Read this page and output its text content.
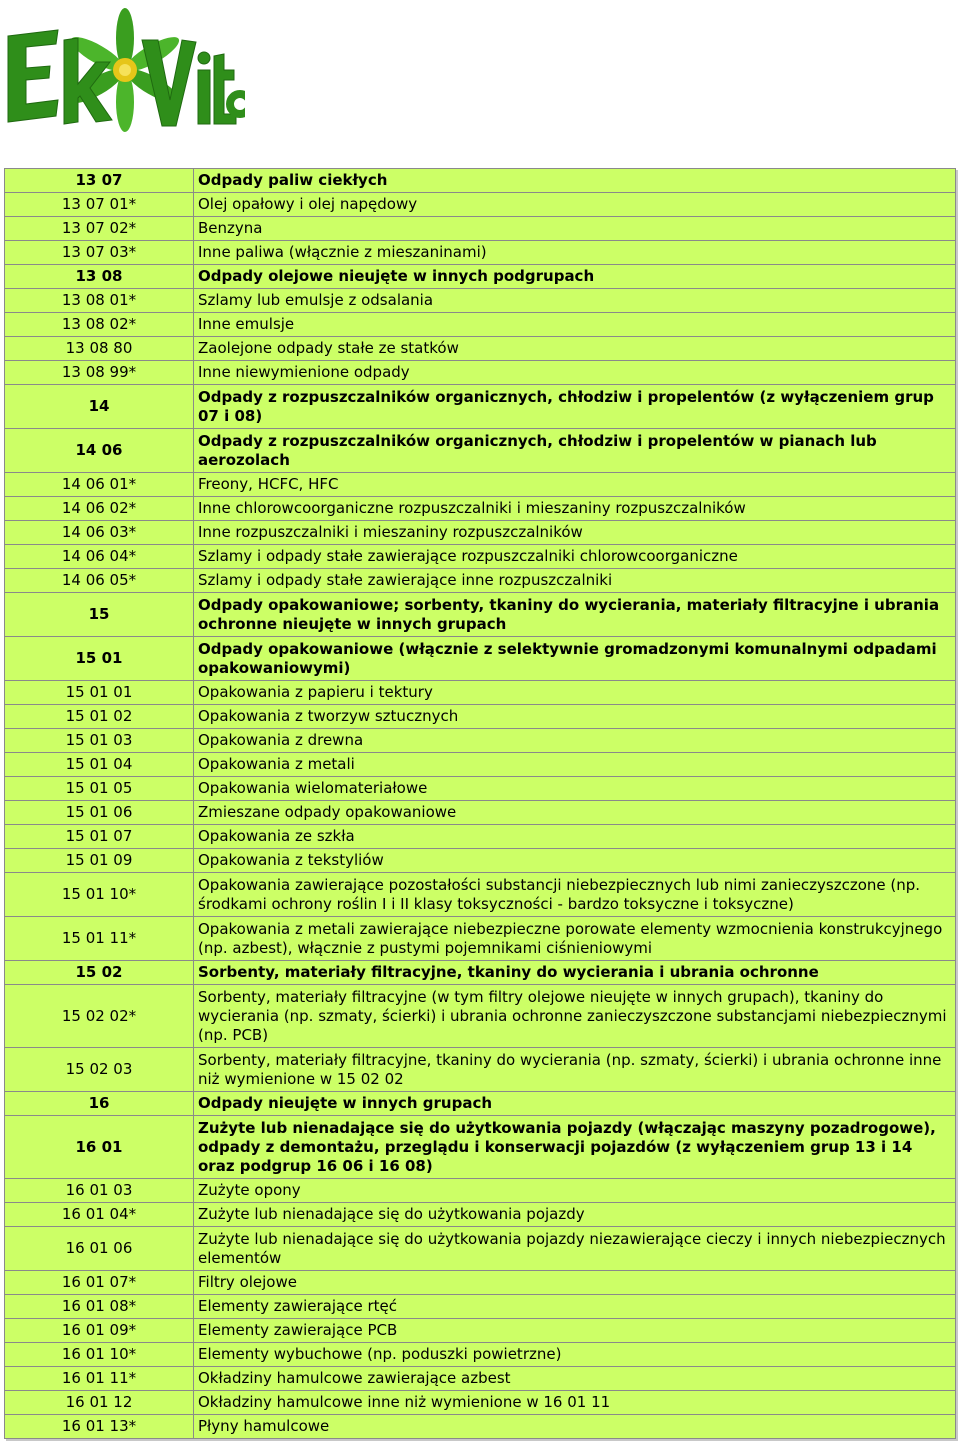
13 07	Odpady paliw ciekłych
13 07 01*	Olej opałowy i olej napędowy
13 07 02*	Benzyna
13 07 03*	Inne paliwa (włącznie z mieszaninami)
13 08	Odpady olejowe nieujęte w innych podgrupach
13 08 01*	Szlamy lub emulsje z odsalania
13 08 02*	Inne emulsje
13 08 80	Zaolejone odpady stałe ze statków
13 08 99*	Inne niewymienione odpady
14	Odpady z rozpuszczalników organicznych, chłodziw i propelentów (z wyłączeniem grup 07 i 08)
14 06	Odpady z rozpuszczalników organicznych, chłodziw i propelentów w pianach lub aerozolach
14 06 01*	Freony, HCFC, HFC
14 06 02*	Inne chlorowcoorganiczne rozpuszczalniki i mieszaniny rozpuszczalników
14 06 03*	Inne rozpuszczalniki i mieszaniny rozpuszczalników
14 06 04*	Szlamy i odpady stałe zawierające rozpuszczalniki chlorowcoorganiczne
14 06 05*	Szlamy i odpady stałe zawierające inne rozpuszczalniki
15	Odpady opakowaniowe; sorbenty, tkaniny do wycierania, materiały filtracyjne i ubrania ochronne nieujęte w innych grupach
15 01	Odpady opakowaniowe (włącznie z selektywnie gromadzonymi komunalnymi odpadami opakowaniowymi)
15 01 01	Opakowania z papieru i tektury
15 01 02	Opakowania z tworzyw sztucznych
15 01 03	Opakowania z drewna
15 01 04	Opakowania z metali
15 01 05	Opakowania wielomateriałowe
15 01 06	Zmieszane odpady opakowaniowe
15 01 07	Opakowania ze szkła
15 01 09	Opakowania z tekstyliów
15 01 10*	Opakowania zawierające pozostałości substancji niebezpiecznych lub nimi zanieczyszczone (np. środkami ochrony roślin I i II klasy toksyczności - bardzo toksyczne i toksyczne)
15 01 11*	Opakowania z metali zawierające niebezpieczne porowate elementy wzmocnienia konstrukcyjnego (np. azbest), włącznie z pustymi pojemnikami ciśnieniowymi
15 02	Sorbenty, materiały filtracyjne, tkaniny do wycierania i ubrania ochronne
15 02 02*	Sorbenty, materiały filtracyjne (w tym filtry olejowe nieujęte w innych grupach), tkaniny do wycierania (np. szmaty, ścierki) i ubrania ochronne zanieczyszczone substancjami niebezpiecznymi (np. PCB)
15 02 03	Sorbenty, materiały filtracyjne, tkaniny do wycierania (np. szmaty, ścierki) i ubrania ochronne inne niż wymienione w 15 02 02
16	Odpady nieujęte w innych grupach
16 01	Zużyte lub nienadające się do użytkowania pojazdy (włączając maszyny pozadrogowe), odpady z demontażu, przeglądu i konserwacji pojazdów (z wyłączeniem grup 13 i 14 oraz podgrup 16 06 i 16 08)
16 01 03	Zużyte opony
16 01 04*	Zużyte lub nienadające się do użytkowania pojazdy
16 01 06	Zużyte lub nienadające się do użytkowania pojazdy niezawierające cieczy i innych niebezpiecznych elementów
16 01 07*	Filtry olejowe
16 01 08*	Elementy zawierające rtęć
16 01 09*	Elementy zawierające PCB
16 01 10*	Elementy wybuchowe (np. poduszki powietrzne)
16 01 11*	Okładziny hamulcowe zawierające azbest
16 01 12	Okładziny hamulcowe inne niż wymienione w 16 01 11
16 01 13*	Płyny hamulcowe
